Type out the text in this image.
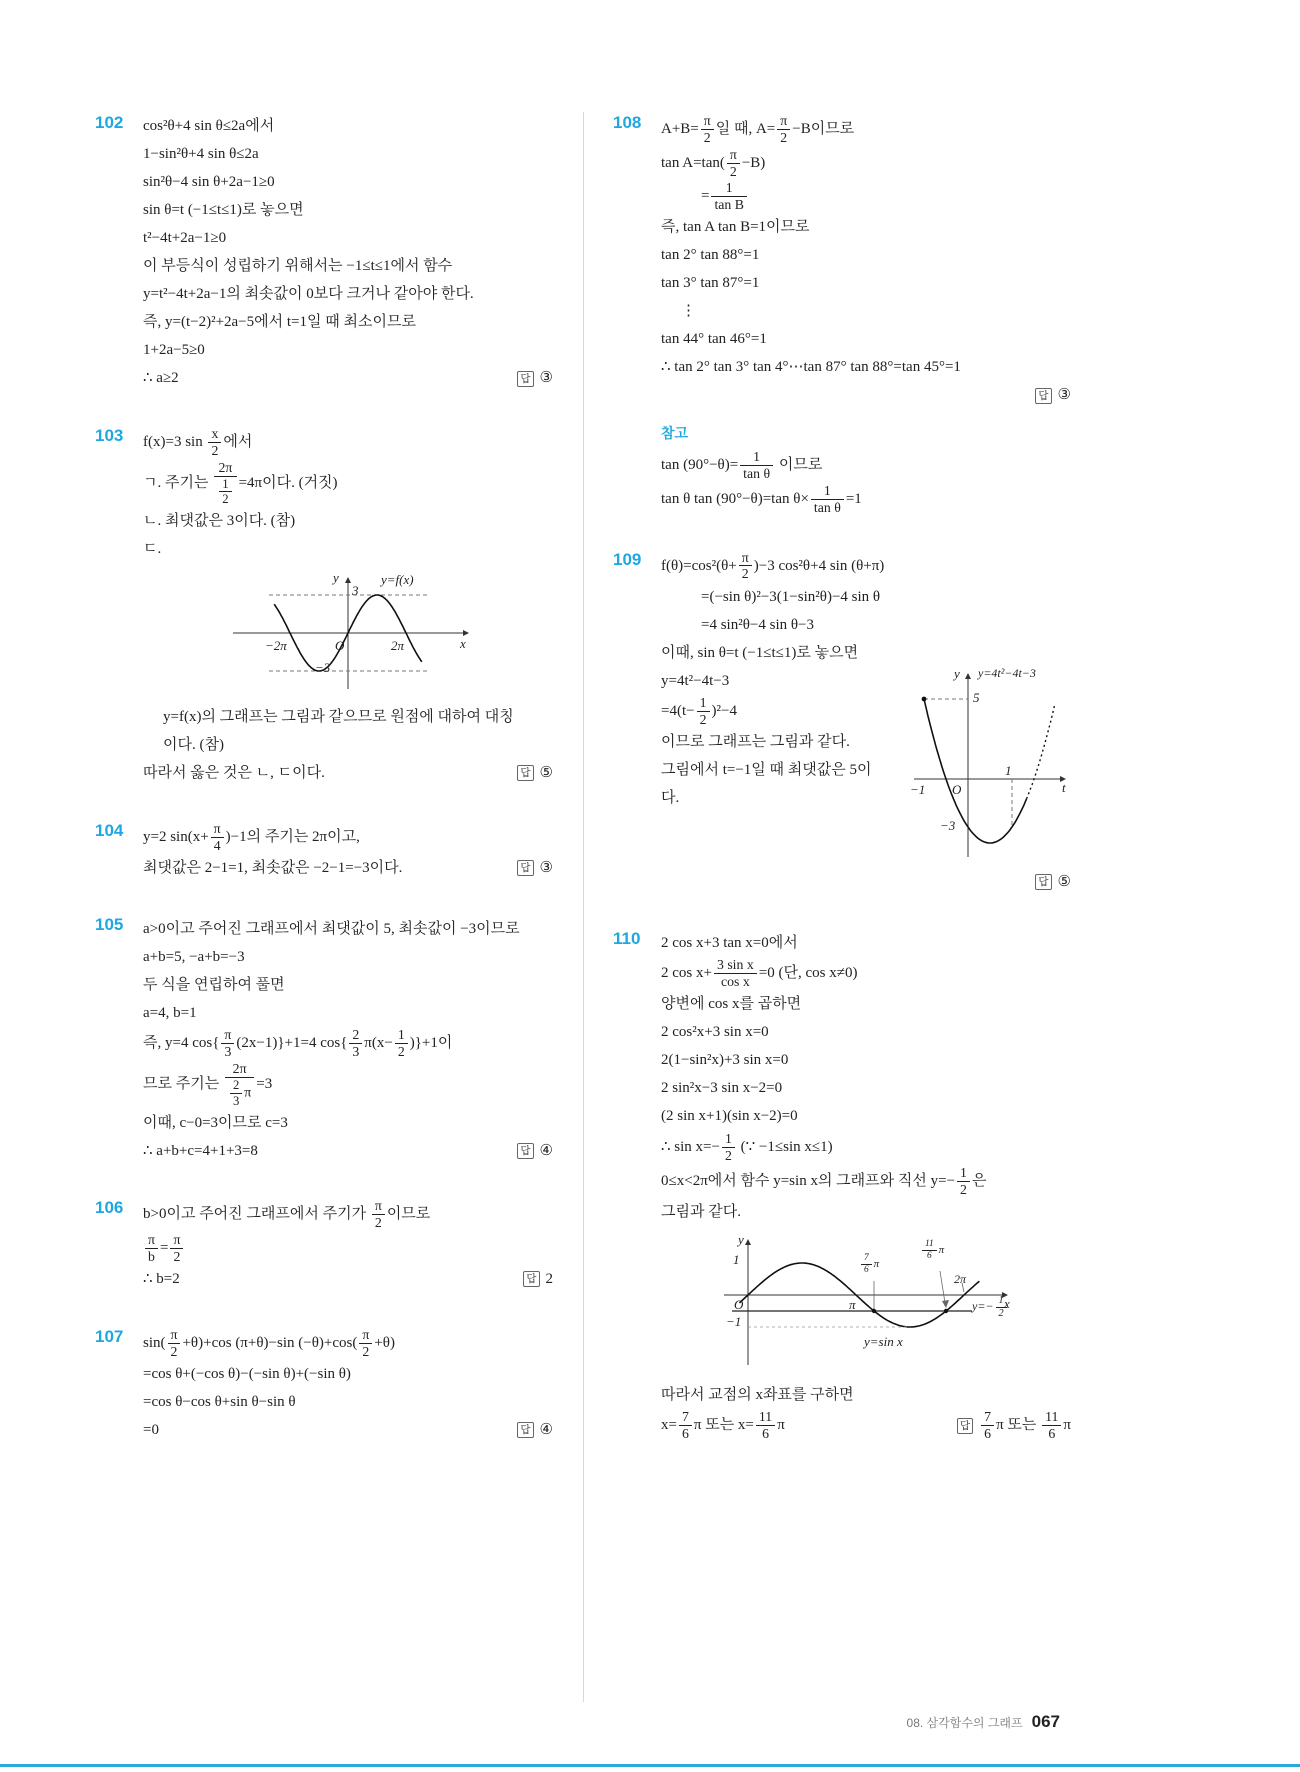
102	cos²θ+4 sin θ≤2a에서
1−sin²θ+4 sin θ≤2a
sin²θ−4 sin θ+2a−1≥0
sin θ=t (−1≤t≤1)로 놓으면
t²−4t+2a−1≥0
이 부등식이 성립하기 위해서는 −1≤t≤1에서 함수
y=t²−4t+2a−1의 최솟값이 0보다 크거나 같아야 한다.
즉, y=(t−2)²+2a−5에서 t=1일 때 최소이므로
1+2a−5≥0
∴ a≥2	답 ③
103	f(x)=3 $\sin \frac{x}{2}$ 에서
ㄱ. 주기는 $\frac{2\pi}{\frac{1}{2}} =4\pi$이다. (거짓)
ㄴ. 최댓값은 3이다. (참)
ㄷ.
y
3
y=f(x)
−2π	O	2π	x
−3
y=f(x)의 그래프는 그림과 같으므로 원점에 대하여 대칭
이다. (참)
따라서 옳은 것은 ㄴ, ㄷ이다.	답 ⑤
104	y=2 $\sin(x+ \frac{\pi}{4} )-1$의 주기는 2π이고,
최댓값은 2−1=1, 최솟값은 −2−1=−3이다.	답 ③
105	a>0이고 주어진 그래프에서 최댓값이 5, 최솟값이 −3이므로
a+b=5, −a+b=−3
두 식을 연립하여 풀면
a=4, b=1
즉, y=4 $\cos\{ \frac{\pi}{3} (2x-1)\}+1=4$ $\cos\{ \frac{2}{3} \pi(x- \frac{1}{2} )\}+1$이
므로 주기는 $\frac{2\pi}{\frac{2}{3} \pi} =3$
이때, c−0=3이므로 c=3
∴ a+b+c=4+1+3=8	답 ④
106	b>0이고 주어진 그래프에서 주기가 $\frac{\pi}{2}$ 이므로
$\frac{\pi}{b} = \frac{\pi}{2}$
∴ b=2	답 2
107	$\sin( \frac{\pi}{2} +\theta)+\cos$ (π+θ)−sin $(-\theta)+\cos( \frac{\pi}{2} +\theta)$
=cos θ+(−cos θ)−(−sin θ)+(−sin θ)
=cos θ−cos θ+sin θ−sin θ
=0	답 ④
108	$A+B= \frac{\pi}{2}$ 일 때, $A= \frac{\pi}{2} -B$이므로
$\tan A=\tan( \frac{\pi}{2} -B)$
= $\frac{1}{\text{tan B}}$
즉, tan A tan B=1이므로
tan 2° tan 88°=1
tan 3° tan 87°=1
⋮
tan 44° tan 46°=1
∴ tan 2° tan 3° tan 4°⋯tan 87° tan 88°=tan 45°=1
답 ③
참고
$\tan (90^\circ-\theta)= \frac{1}{\text{tan θ}}$ 이므로
tan θ tan (90°−θ)=tan $\theta\times \frac{1}{\text{tan θ}} =1$
109	$f(\theta)=\cos^2(\theta+ \frac{\pi}{2} )-3$ cos²θ+4 sin (θ+π)
=(−sin θ)²−3(1−sin²θ)−4 sin θ
=4 sin²θ−4 sin θ−3
이때, sin θ=t (−1≤t≤1)로 놓으면
y y=4t²−4t−3
5
1
−1 O	t
−3
y=4t²−4t−3
$=4(t- \frac{1}{2} )^2-4$
이므로 그래프는 그림과 같다.
그림에서 t=−1일 때 최댓값은 5이
다.
답 ⑤
110	2 cos x+3 tan x=0에서
2 $\cos x+ \frac{\text{3 sin x}}{\text{cos x}} =0$ (단, cos x≠0)
양변에 cos x를 곱하면
2 cos²x+3 sin x=0
2(1−sin²x)+3 sin x=0
2 sin²x−3 sin x−2=0
(2 sin x+1)(sin x−2)=0
∴ $\sin x=- \frac{1}{2}$ (∵ −1≤sin x≤1)
0≤x<2π에서 함수 y=sin x의 그래프와 직선 $y=- \frac{1}{2}$ 은
그림과 같다.
y
1
O	π
$\frac{7}{6}$ π
$\frac{11}{6}$ π
2π
x
$y=- \frac{1}{2}$
−1
y=sin x
따라서 교점의 x좌표를 구하면
$x= \frac{7}{6}$ π 또는 $x= \frac{11}{6}$ π	답 $\frac{7}{6}$ π 또는 $\frac{11}{6}$ π
08. 삼각함수의 그래프 067
